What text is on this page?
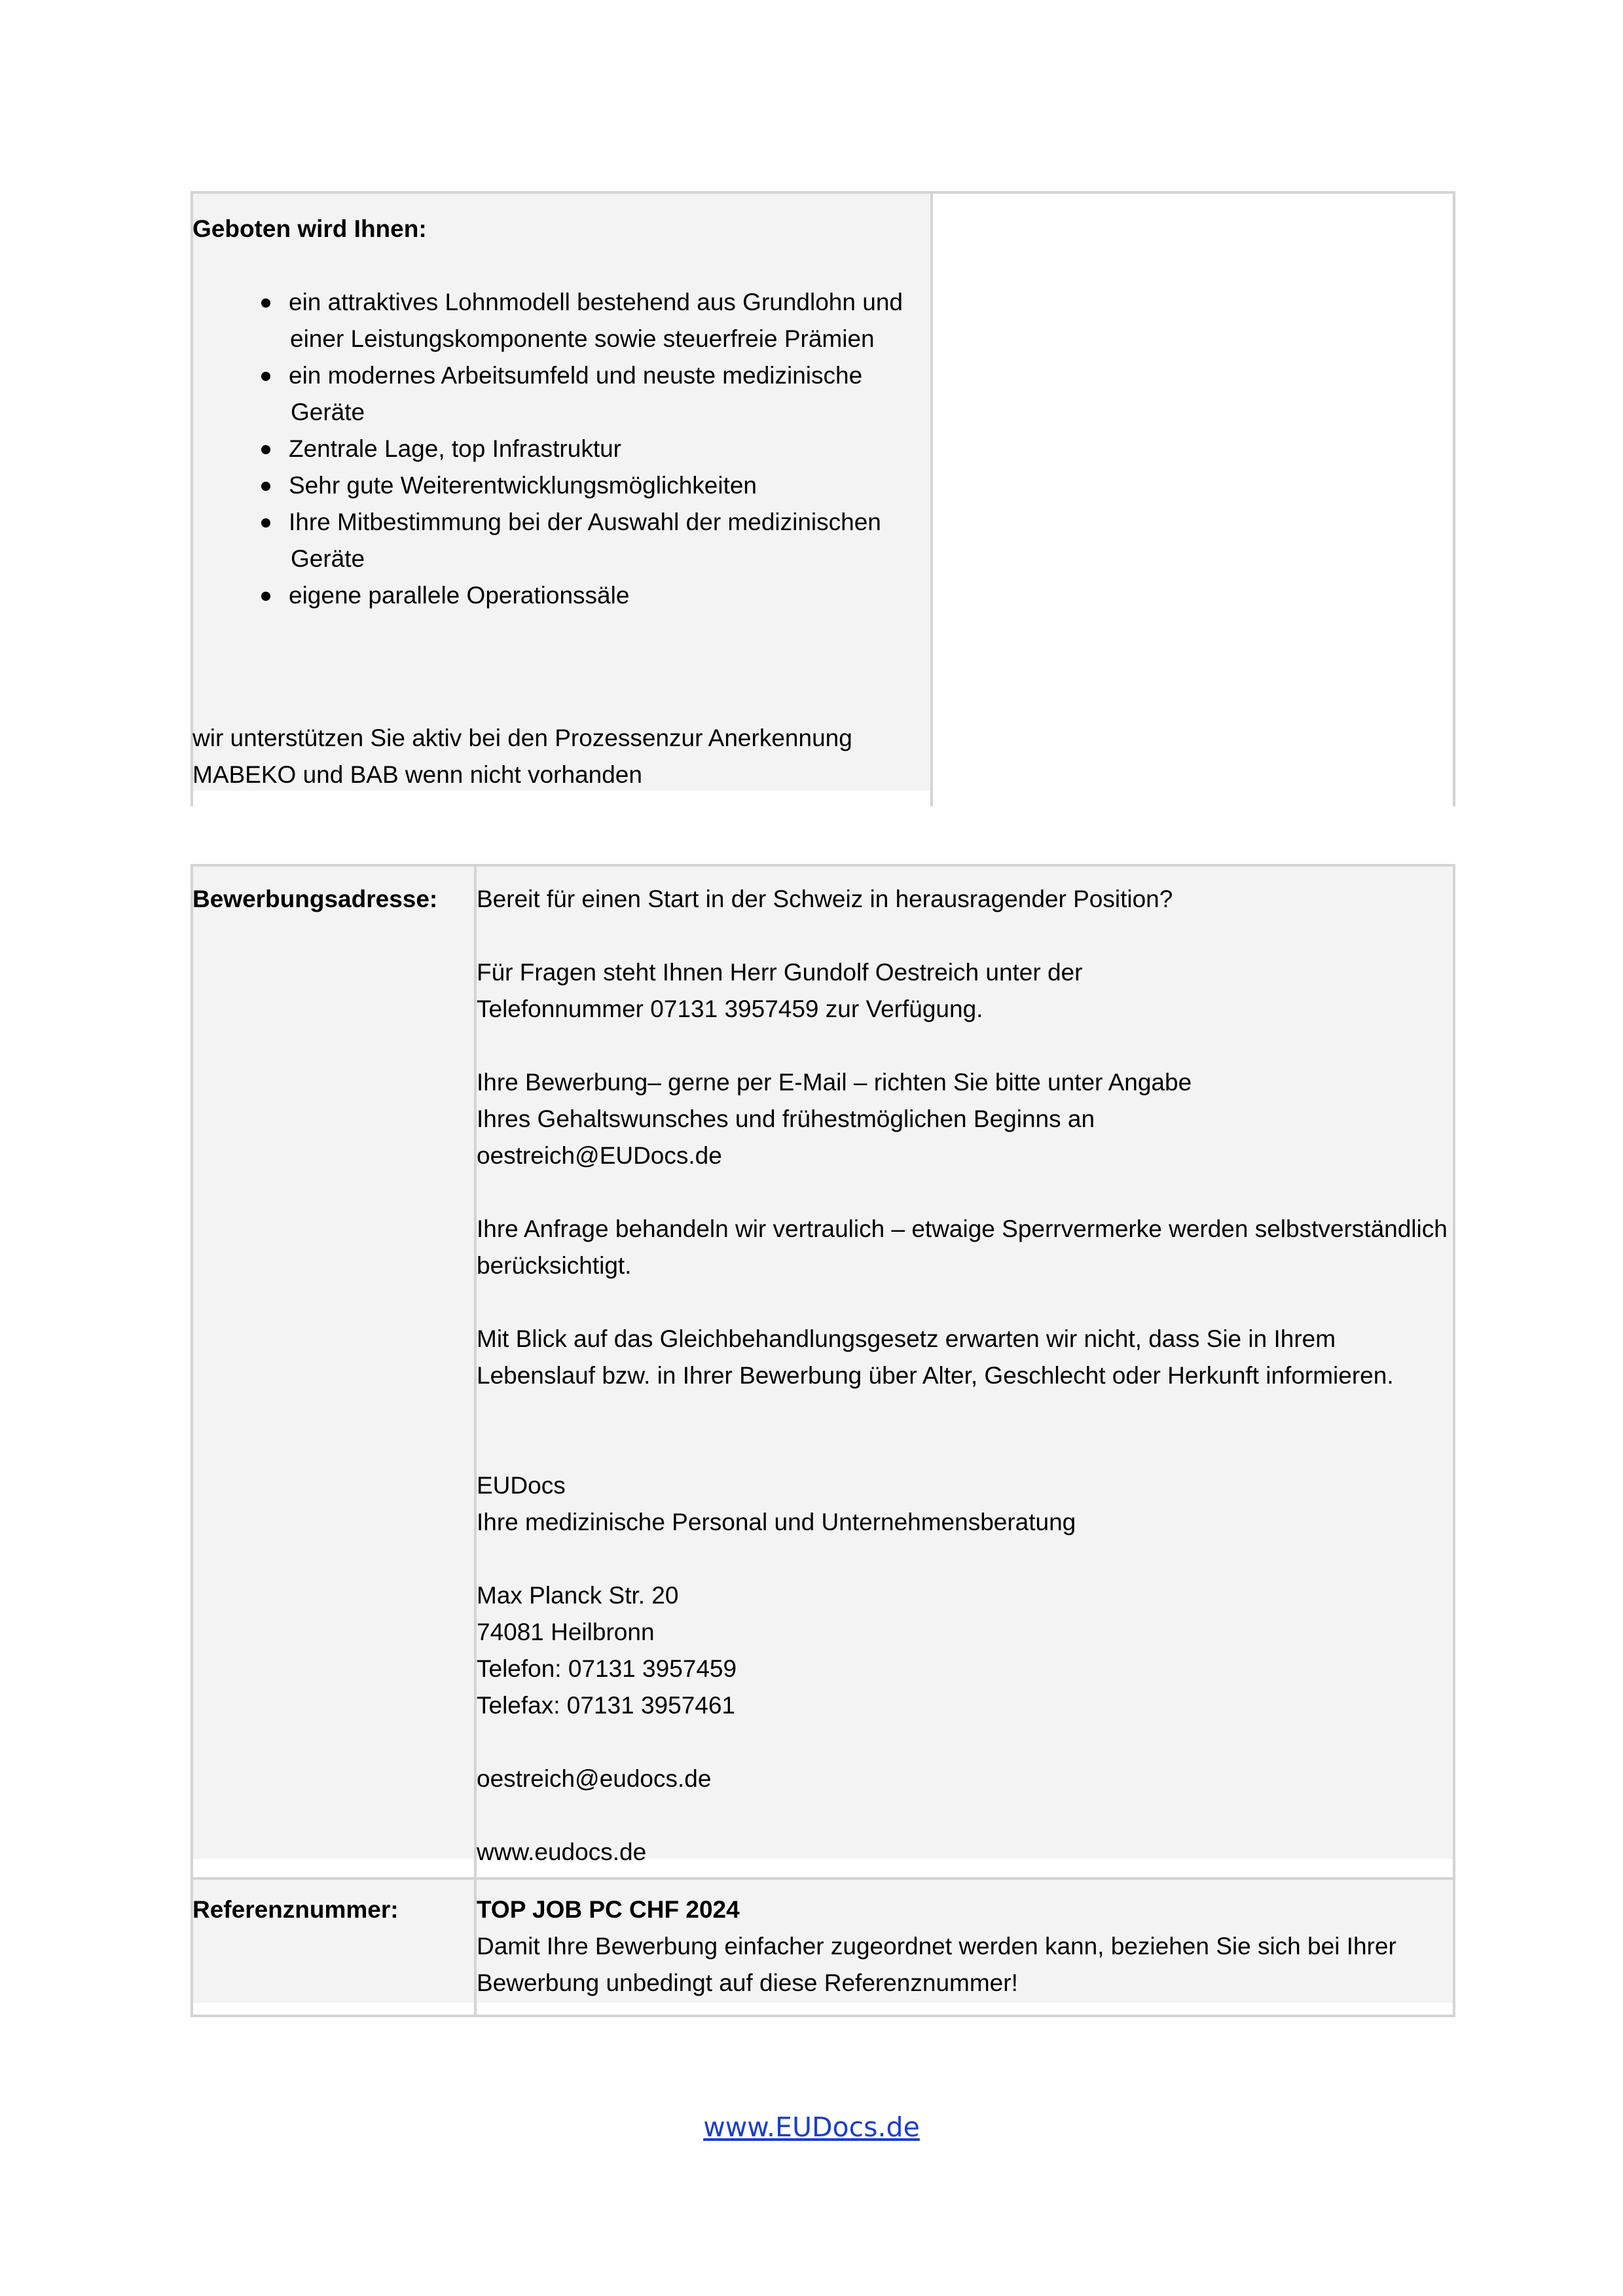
Geboten wird Ihnen:
ein attraktives Lohnmodell bestehend aus Grundlohn und
einer Leistungskomponente sowie steuerfreie Prämien
ein modernes Arbeitsumfeld und neuste medizinische
Geräte
Zentrale Lage, top Infrastruktur
Sehr gute Weiterentwicklungsmöglichkeiten
Ihre Mitbestimmung bei der Auswahl der medizinischen
Geräte
eigene parallele Operationssäle
wir unterstützen Sie aktiv bei den Prozessenzur Anerkennung
MABEKO und BAB wenn nicht vorhanden
Bewerbungsadresse: Bereit für einen Start in der Schweiz in herausragender Position?

Für Fragen steht Ihnen Herr Gundolf Oestreich unter der

Telefonnummer 07131 3957459 zur Verfügung.

Ihre Bewerbung– gerne per E-Mail – richten Sie bitte unter Angabe

Ihres Gehaltswunsches und frühestmöglichen Beginns an

oestreich@EUDocs.de

Ihre Anfrage behandeln wir vertraulich – etwaige Sperrvermerke werden selbstverständlich

berücksichtigt.

Mit Blick auf das Gleichbehandlungsgesetz erwarten wir nicht, dass Sie in Ihrem

Lebenslauf bzw. in Ihrer Bewerbung über Alter, Geschlecht oder Herkunft informieren.

EUDocs

Ihre medizinische Personal und Unternehmensberatung

Max Planck Str. 20

74081 Heilbronn

Telefon: 07131 3957459

Telefax: 07131 3957461

oestreich@eudocs.de

www.eudocs.de

Referenznummer:	TOP JOB PC CHF 2024

Damit Ihre Bewerbung einfacher zugeordnet werden kann, beziehen Sie sich bei Ihrer

Bewerbung unbedingt auf diese Referenznummer!

www.EUDocs.de
